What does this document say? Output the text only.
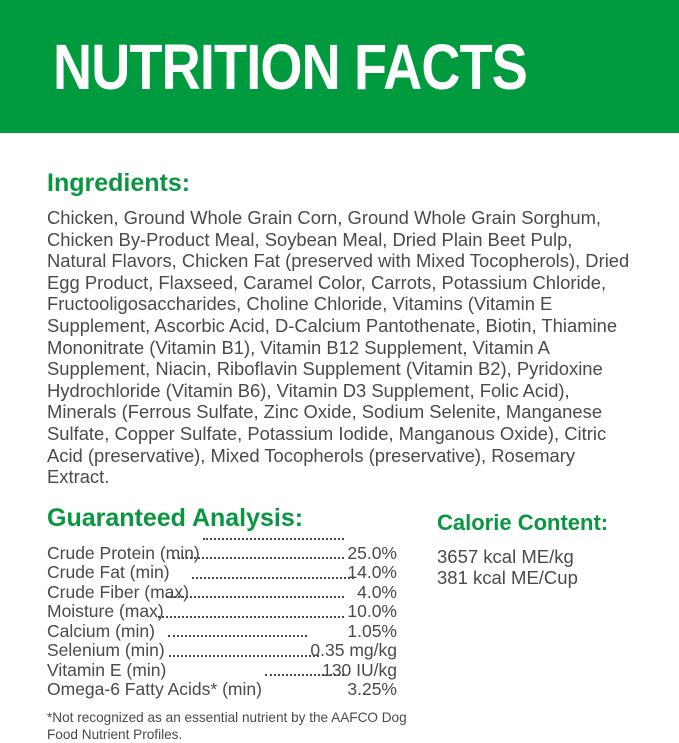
NUTRITION FACTS
Ingredients:

Chicken, Ground Whole Grain Corn, Ground Whole Grain Sorghum, Chicken By-Product Meal, Soybean Meal, Dried Plain Beet Pulp, Natural Flavors, Chicken Fat (preserved with Mixed Tocopherols), Dried Egg Product, Flaxseed, Caramel Color, Carrots, Potassium Chloride, Fructooligosaccharides, Choline Chloride, Vitamins (Vitamin E Supplement, Ascorbic Acid, D-Calcium Pantothenate, Biotin, Thiamine Mononitrate (Vitamin B1), Vitamin B12 Supplement, Vitamin A Supplement, Niacin, Riboflavin Supplement (Vitamin B2), Pyridoxine Hydrochloride (Vitamin B6), Vitamin D3 Supplement, Folic Acid), Minerals (Ferrous Sulfate, Zinc Oxide, Sodium Selenite, Manganese Sulfate, Copper Sulfate, Potassium Iodide, Manganous Oxide), Citric Acid (preservative), Mixed Tocopherols (preservative), Rosemary Extract.

Guaranteed Analysis:
Crude Protein (min)	25.0%
Crude Fat (min)	14.0%
Crude Fiber (max)	4.0%
Moisture (max)	10.0%
Calcium (min)	1.05%
Selenium (min)	0.35 mg/kg
Vitamin E (min)	130 IU/kg
Omega-6 Fatty Acids* (min)	3.25%

*Not recognized as an essential nutrient by the AAFCO Dog Food Nutrient Profiles.

Calorie Content:

3657 kcal ME/kg

381 kcal ME/Cup
